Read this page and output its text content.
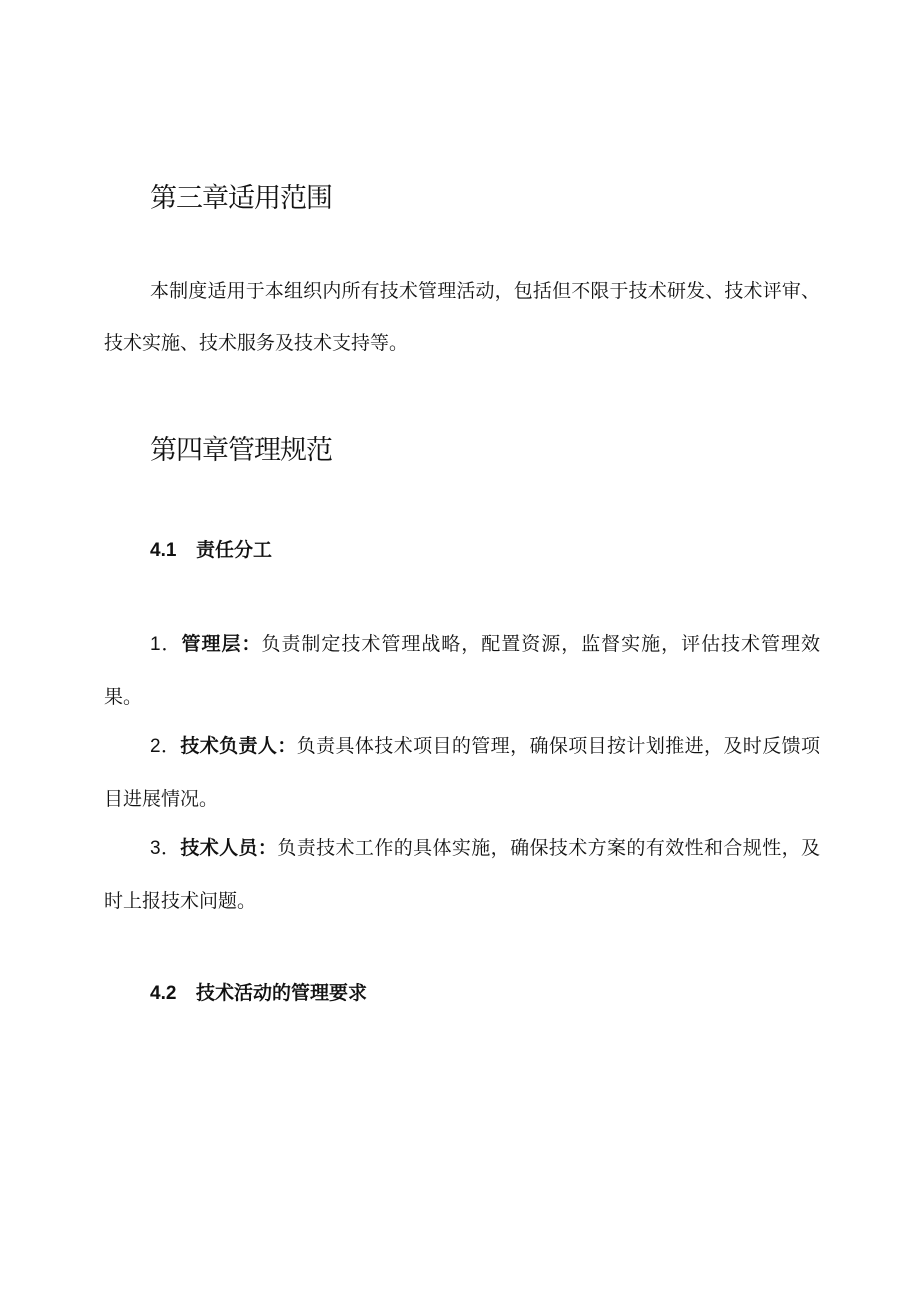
第三章适用范围

本制度适用于本组织内所有技术管理活动，包括但不限于技术研发、技术评审、技术实施、技术服务及技术支持等。

第四章管理规范
4.1 责任分工

1．管理层：负责制定技术管理战略，配置资源，监督实施，评估技术管理效果。

2．技术负责人：负责具体技术项目的管理，确保项目按计划推进，及时反馈项目进展情况。

3．技术人员：负责技术工作的具体实施，确保技术方案的有效性和合规性，及时上报技术问题。

4.2 技术活动的管理要求
